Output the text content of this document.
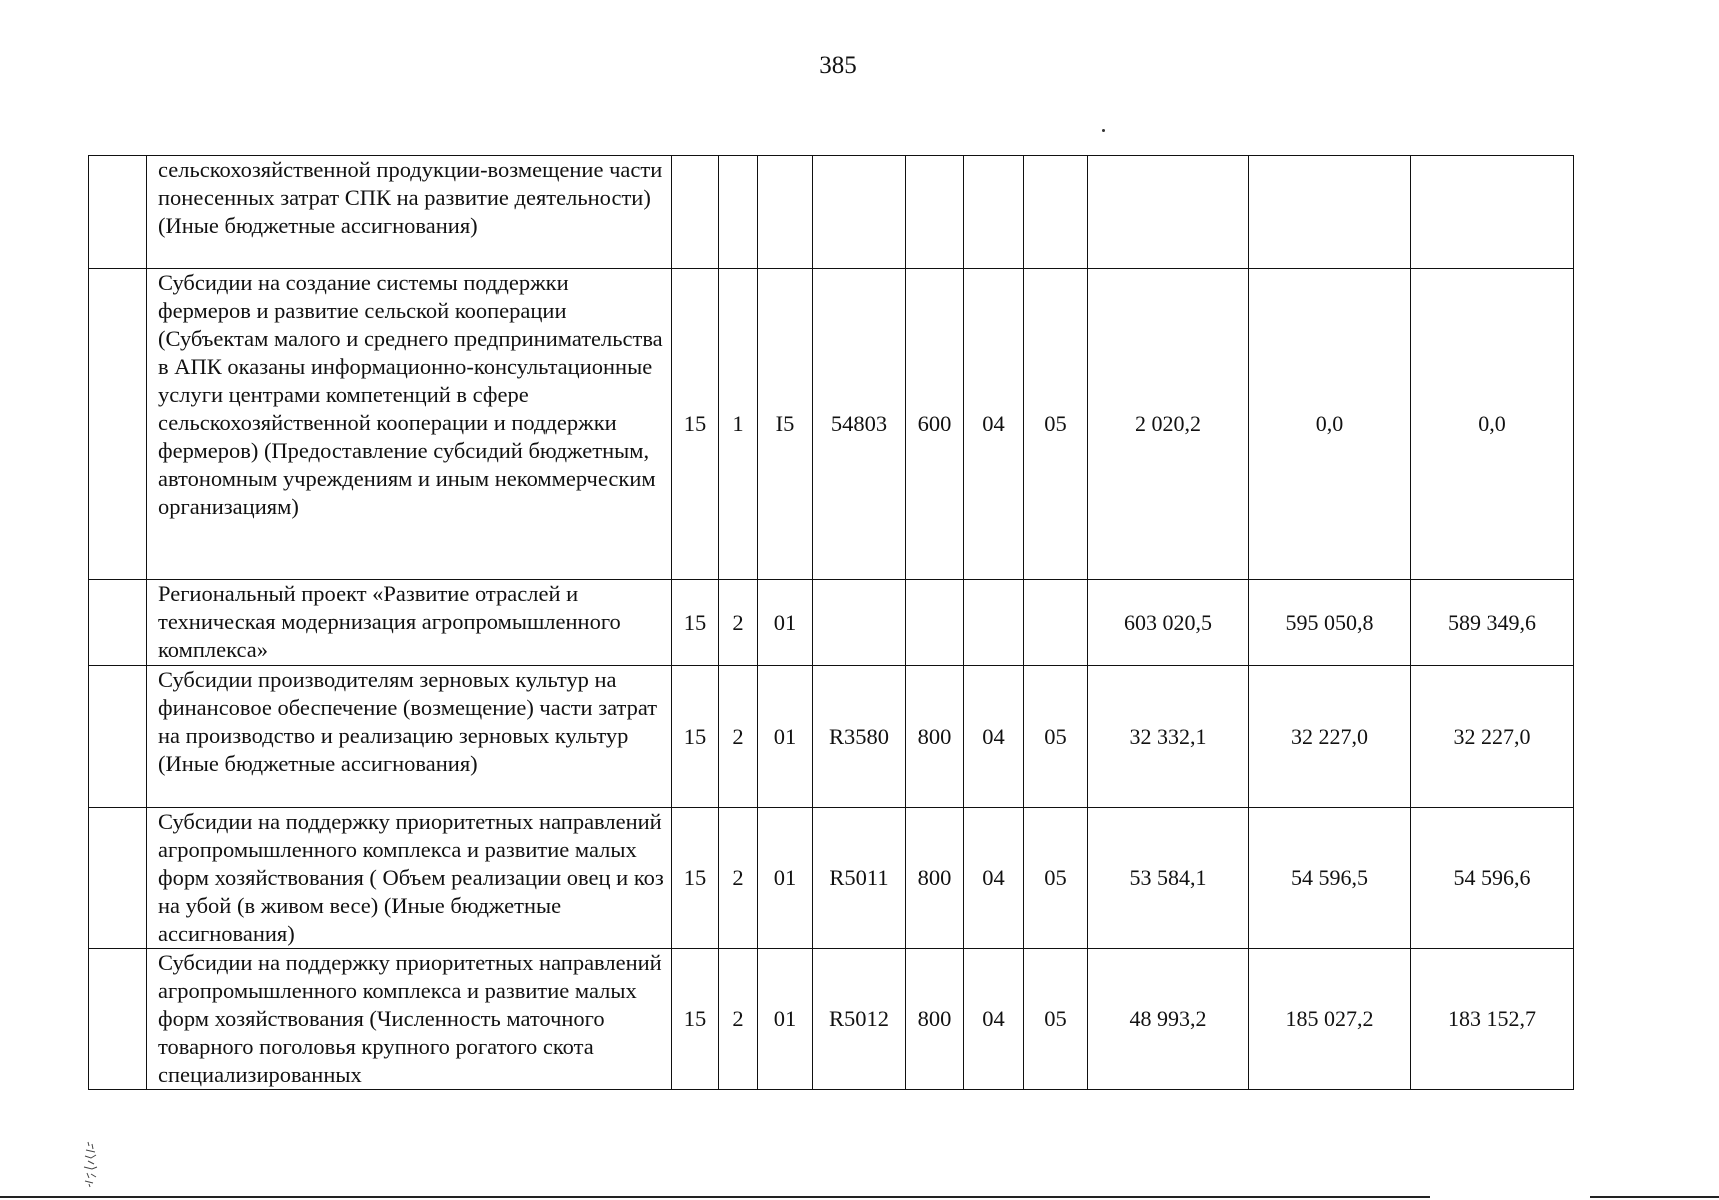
385
	сельскохозяйственной продукции-возмещение части понесенных затрат СПК на развитие деятельности) (Иные бюджетные ассигнования)										
	Субсидии на создание системы поддержки фермеров и развитие сельской кооперации (Субъектам малого и среднего предпринимательства в АПК оказаны информационно-консультационные услуги центрами компетенций в сфере сельскохозяйственной кооперации и поддержки фермеров) (Предоставление субсидий бюджетным, автономным учреждениям и иным некоммерческим организациям)	15	1	I5	54803	600	04	05	2 020,2	0,0	0,0
	Региональный проект «Развитие отраслей и техническая модернизация агропромышленного комплекса»	15	2	01					603 020,5	595 050,8	589 349,6
	Субсидии производителям зерновых культур на финансовое обеспечение (возмещение) части затрат на производство и реализацию зерновых культур (Иные бюджетные ассигнования)	15	2	01	R3580	800	04	05	32 332,1	32 227,0	32 227,0
	Субсидии на поддержку приоритетных направлений агропромышленного комплекса и развитие малых форм хозяйствования ( Объем реализации овец и коз на убой (в живом весе) (Иные бюджетные ассигнования)	15	2	01	R5011	800	04	05	53 584,1	54 596,5	54 596,6
	Субсидии на поддержку приоритетных направлений агропромышленного комплекса и развитие малых форм хозяйствования (Численность маточного товарного поголовья крупного рогатого скота специализированных	15	2	01	R5012	800	04	05	48 993,2	185 027,2	183 152,7
